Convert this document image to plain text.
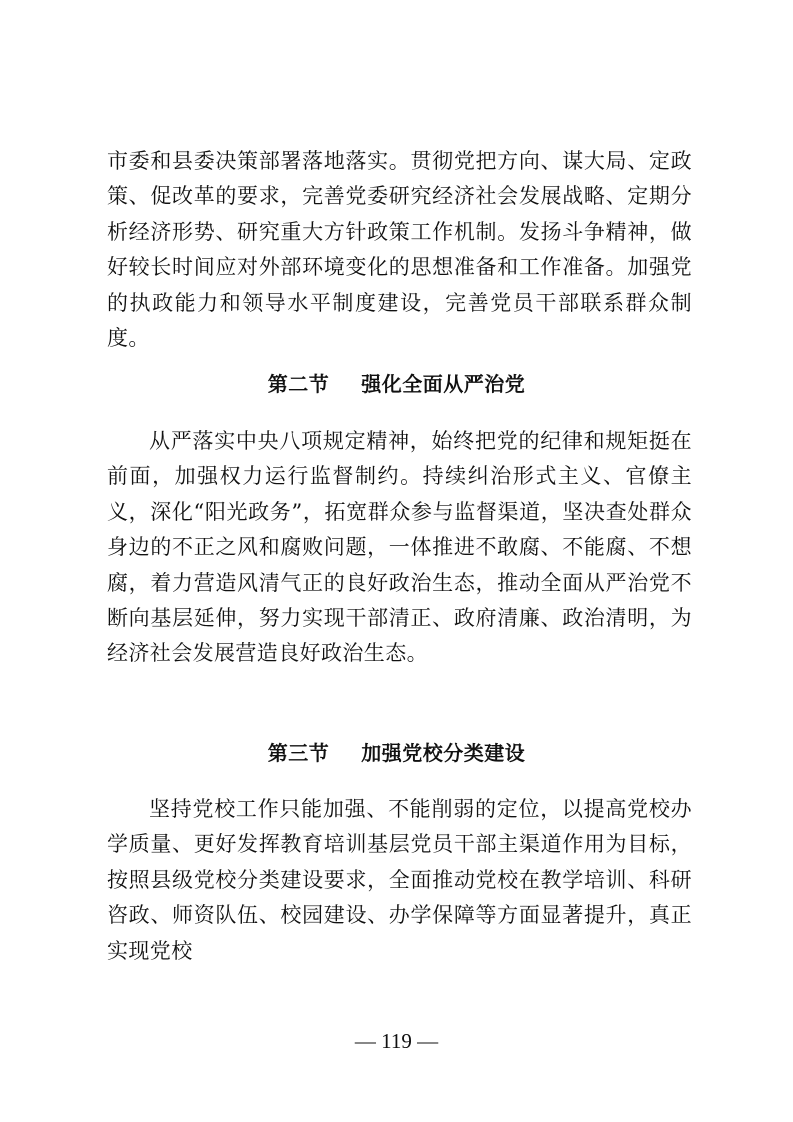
市委和县委决策部署落地落实。贯彻党把方向、谋大局、定政策、促改革的要求，完善党委研究经济社会发展战略、定期分析经济形势、研究重大方针政策工作机制。发扬斗争精神，做好较长时间应对外部环境变化的思想准备和工作准备。加强党的执政能力和领导水平制度建设，完善党员干部联系群众制度。

第二节 强化全面从严治党

从严落实中央八项规定精神，始终把党的纪律和规矩挺在前面，加强权力运行监督制约。持续纠治形式主义、官僚主义，深化“阳光政务”，拓宽群众参与监督渠道，坚决查处群众身边的不正之风和腐败问题，一体推进不敢腐、不能腐、不想腐，着力营造风清气正的良好政治生态，推动全面从严治党不断向基层延伸，努力实现干部清正、政府清廉、政治清明，为经济社会发展营造良好政治生态。

第三节 加强党校分类建设

坚持党校工作只能加强、不能削弱的定位，以提高党校办学质量、更好发挥教育培训基层党员干部主渠道作用为目标，按照县级党校分类建设要求，全面推动党校在教学培训、科研咨政、师资队伍、校园建设、办学保障等方面显著提升，真正实现党校

— 119 —
